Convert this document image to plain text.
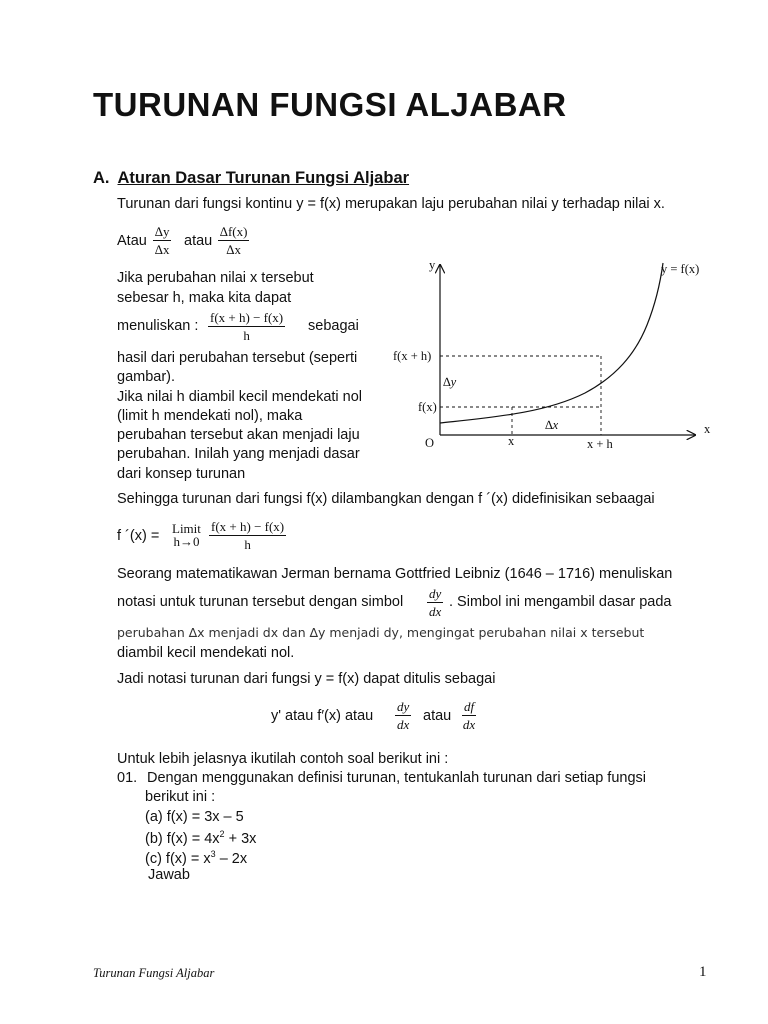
TURUNAN FUNGSI ALJABAR
A. Aturan Dasar Turunan Fungsi Aljabar
Turunan dari fungsi kontinu y = f(x) merupakan laju perubahan nilai y terhadap nilai x.
Atau $\frac{\Delta y}{\Delta x}$ atau $\frac{\Delta f(x)}{\Delta x}$
Jika perubahan nilai x tersebut
sebesar h, maka kita dapat
menuliskan : $\frac{f(x + h) - f(x)}{h}$ sebagai
hasil dari perubahan tersebut (seperti
gambar).
Jika nilai h diambil kecil mendekati nol
(limit h mendekati nol), maka
perubahan tersebut akan menjadi laju
perubahan. Inilah yang menjadi dasar
dari konsep turunan
y
x
O
y = f(x)
f(x + h)
f(x)
∆y
∆x
x	x + h
Sehingga turunan dari fungsi f(x) dilambangkan dengan f ´(x) didefinisikan sebaagai
f ´(x) = Limit
$h\to 0 \frac{f(x + h) - f(x)}{h}$
Seorang matematikawan Jerman bernama Gottfried Leibniz (1646 – 1716) menuliskan
notasi untuk turunan tersebut dengan simbol $\frac{dy}{dx}$ . Simbol ini mengambil dasar pada
perubahan ∆x menjadi dx dan ∆y menjadi dy, mengingat perubahan nilai x tersebut
diambil kecil mendekati nol.
Jadi notasi turunan dari fungsi y = f(x) dapat ditulis sebagai
y' atau f′(x) atau $\frac{dy}{dx}$ atau $\frac{df}{dx}$
Untuk lebih jelasnya ikutilah contoh soal berikut ini :
01. Dengan menggunakan definisi turunan, tentukanlah turunan dari setiap fungsi
berikut ini :
(a) f(x) = 3x – 5
(b) $f(x) = 4x^2 + 3x$
(c) $f(x) = x^3 - 2x$
Jawab
Turunan Fungsi Aljabar	1
